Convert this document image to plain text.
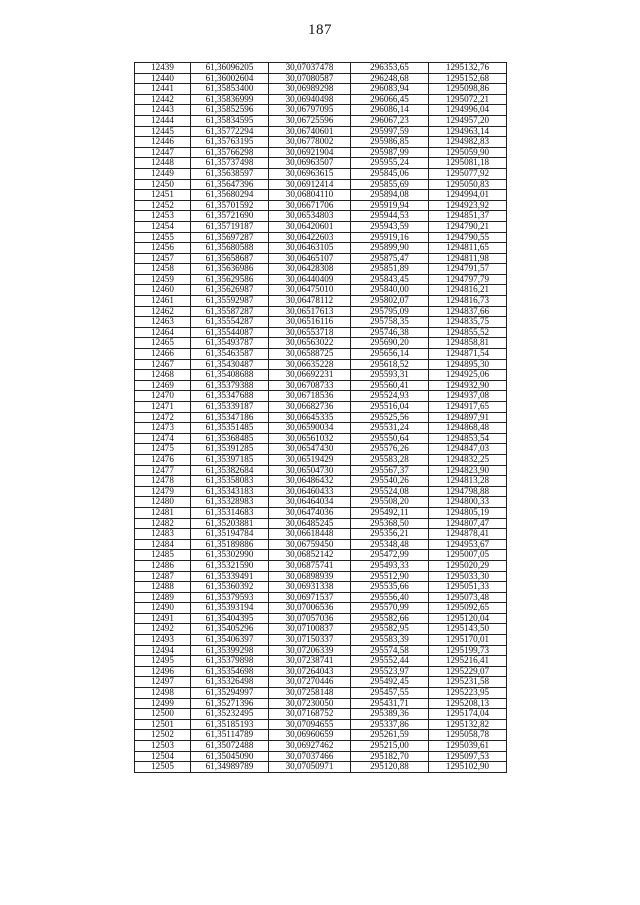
187
12439	61,36096205	30,07037478	296353,65	1295132,76
12440	61,36002604	30,07080587	296248,68	1295152,68
12441	61,35853400	30,06989298	296083,94	1295098,86
12442	61,35836999	30,06940498	296066,45	1295072,21
12443	61,35852596	30,06797095	296086,14	1294996,04
12444	61,35834595	30,06725596	296067,23	1294957,20
12445	61,35772294	30,06740601	295997,59	1294963,14
12446	61,35763195	30,06778002	295986,85	1294982,83
12447	61,35766298	30,06921904	295987,99	1295059,90
12448	61,35737498	30,06963507	295955,24	1295081,18
12449	61,35638597	30,06963615	295845,06	1295077,92
12450	61,35647396	30,06912414	295855,69	1295050,83
12451	61,35680294	30,06804110	295894,08	1294994,01
12452	61,35701592	30,06671706	295919,94	1294923,92
12453	61,35721690	30,06534803	295944,53	1294851,37
12454	61,35719187	30,06420601	295943,59	1294790,21
12455	61,35697287	30,06422603	295919,16	1294790,55
12456	61,35680588	30,06463105	295899,90	1294811,65
12457	61,35658687	30,06465107	295875,47	1294811,98
12458	61,35636986	30,06428308	295851,89	1294791,57
12459	61,35629586	30,06440409	295843,45	1294797,79
12460	61,35626987	30,06475010	295840,00	1294816,21
12461	61,35592987	30,06478112	295802,07	1294816,73
12462	61,35587287	30,06517613	295795,09	1294837,66
12463	61,35554287	30,06516116	295758,35	1294835,75
12464	61,35544087	30,06553718	295746,38	1294855,52
12465	61,35493787	30,06563022	295690,20	1294858,81
12466	61,35463587	30,06588725	295656,14	1294871,54
12467	61,35430487	30,06635228	295618,52	1294895,30
12468	61,35408688	30,06692231	295593,31	1294925,06
12469	61,35379388	30,06708733	295560,41	1294932,90
12470	61,35347688	30,06718536	295524,93	1294937,08
12471	61,35339187	30,06682736	295516,04	1294917,65
12472	61,35347186	30,06645335	295525,56	1294897,91
12473	61,35351485	30,06590034	295531,24	1294868,48
12474	61,35368485	30,06561032	295550,64	1294853,54
12475	61,35391285	30,06547430	295576,26	1294847,03
12476	61,35397185	30,06519429	295583,28	1294832,25
12477	61,35382684	30,06504730	295567,37	1294823,90
12478	61,35358083	30,06486432	295540,26	1294813,28
12479	61,35343183	30,06460433	295524,08	1294798,88
12480	61,35328983	30,06464034	295508,20	1294800,33
12481	61,35314683	30,06474036	295492,11	1294805,19
12482	61,35203881	30,06485245	295368,50	1294807,47
12483	61,35194784	30,06618448	295356,21	1294878,41
12484	61,35189886	30,06759450	295348,48	1294953,67
12485	61,35302990	30,06852142	295472,99	1295007,05
12486	61,35321590	30,06875741	295493,33	1295020,29
12487	61,35339491	30,06898939	295512,90	1295033,30
12488	61,35360392	30,06931338	295535,66	1295051,33
12489	61,35379593	30,06971537	295556,40	1295073,48
12490	61,35393194	30,07006536	295570,99	1295092,65
12491	61,35404395	30,07057036	295582,66	1295120,04
12492	61,35405296	30,07100837	295582,95	1295143,50
12493	61,35406397	30,07150337	295583,39	1295170,01
12494	61,35399298	30,07206339	295574,58	1295199,73
12495	61,35379898	30,07238741	295552,44	1295216,41
12496	61,35354698	30,07264043	295523,97	1295229,07
12497	61,35326498	30,07270446	295492,45	1295231,58
12498	61,35294997	30,07258148	295457,55	1295223,95
12499	61,35271396	30,07230050	295431,71	1295208,13
12500	61,35232495	30,07168752	295389,36	1295174,04
12501	61,35185193	30,07094655	295337,86	1295132,82
12502	61,35114789	30,06960659	295261,59	1295058,78
12503	61,35072488	30,06927462	295215,00	1295039,61
12504	61,35045090	30,07037466	295182,70	1295097,53
12505	61,34989789	30,07050971	295120,88	1295102,90
